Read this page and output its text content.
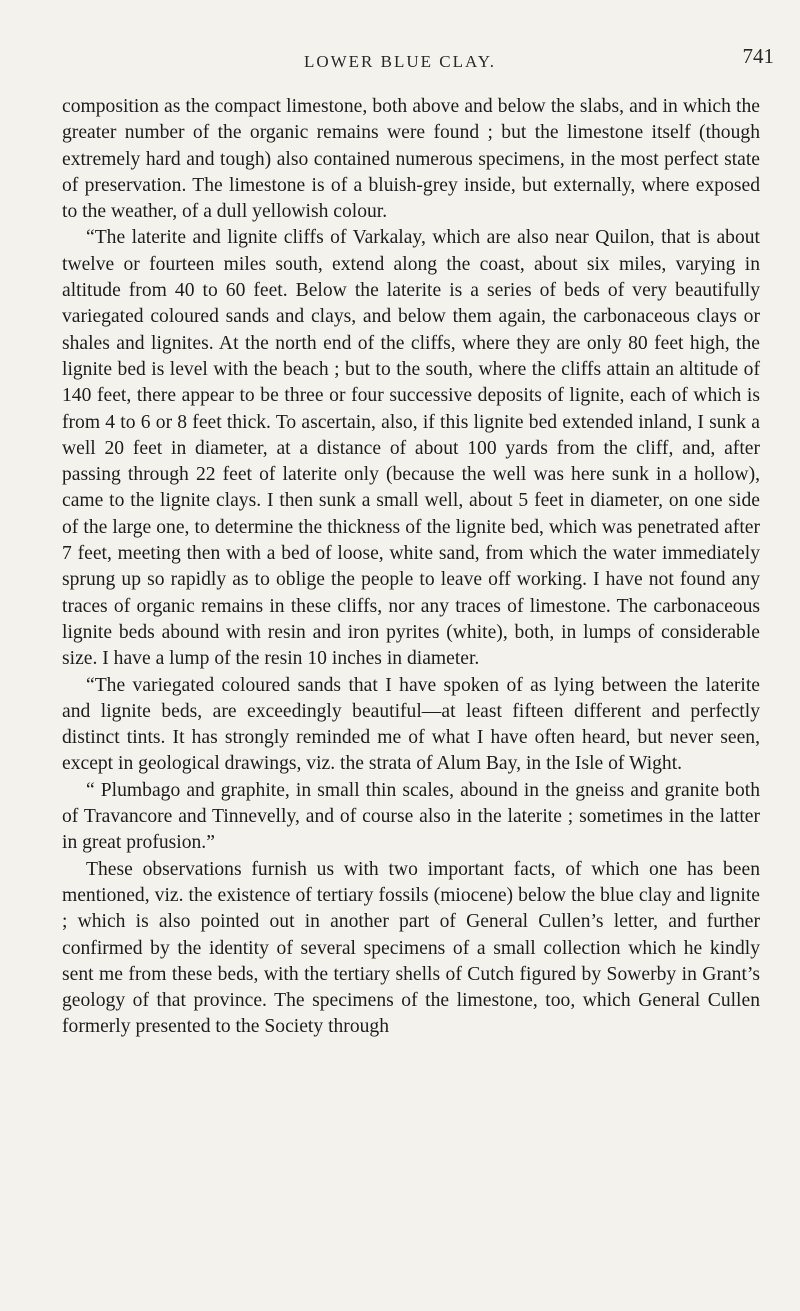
LOWER BLUE CLAY.	741

composition as the compact limestone, both above and below the slabs, and in which the greater number of the organic remains were found ; but the limestone itself (though extremely hard and tough) also contained numerous specimens, in the most perfect state of preservation. The limestone is of a bluish-grey inside, but externally, where exposed to the weather, of a dull yellowish colour.

“The laterite and lignite cliffs of Varkalay, which are also near Quilon, that is about twelve or fourteen miles south, extend along the coast, about six miles, varying in altitude from 40 to 60 feet. Below the laterite is a series of beds of very beautifully variegated coloured sands and clays, and below them again, the carbonaceous clays or shales and lignites. At the north end of the cliffs, where they are only 80 feet high, the lignite bed is level with the beach ; but to the south, where the cliffs attain an altitude of 140 feet, there appear to be three or four successive deposits of lignite, each of which is from 4 to 6 or 8 feet thick. To ascertain, also, if this lignite bed extended inland, I sunk a well 20 feet in diameter, at a distance of about 100 yards from the cliff, and, after passing through 22 feet of laterite only (because the well was here sunk in a hollow), came to the lignite clays. I then sunk a small well, about 5 feet in diameter, on one side of the large one, to determine the thickness of the lignite bed, which was penetrated after 7 feet, meeting then with a bed of loose, white sand, from which the water immediately sprung up so rapidly as to oblige the people to leave off working. I have not found any traces of organic remains in these cliffs, nor any traces of limestone. The carbonaceous lignite beds abound with resin and iron pyrites (white), both, in lumps of considerable size. I have a lump of the resin 10 inches in diameter.

“The variegated coloured sands that I have spoken of as lying between the laterite and lignite beds, are exceedingly beautiful—at least fifteen different and perfectly distinct tints. It has strongly reminded me of what I have often heard, but never seen, except in geological drawings, viz. the strata of Alum Bay, in the Isle of Wight.

“ Plumbago and graphite, in small thin scales, abound in the gneiss and granite both of Travancore and Tinnevelly, and of course also in the laterite ; sometimes in the latter in great profusion.”

These observations furnish us with two important facts, of which one has been mentioned, viz. the existence of tertiary fossils (miocene) below the blue clay and lignite ; which is also pointed out in another part of General Cullen’s letter, and further confirmed by the identity of several specimens of a small collection which he kindly sent me from these beds, with the tertiary shells of Cutch figured by Sowerby in Grant’s geology of that province. The specimens of the limestone, too, which General Cullen formerly presented to the Society through
